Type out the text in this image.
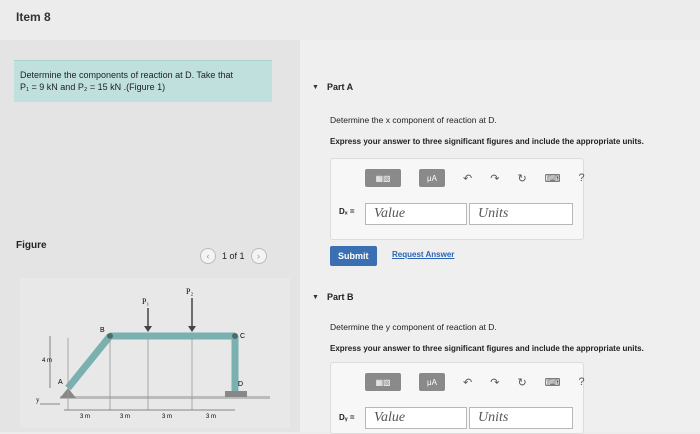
Item 8
Determine the components of reaction at D. Take that
P₁ = 9 kN and P₂ = 15 kN .(Figure 1)
Figure
‹	1 of 1	›
P₁
P₂
B
C
D
A
4 m
3 m	3 m	3 m	3 m
y
▼ Part A
Determine the x component of reaction at D.
Express your answer to three significant figures and include the appropriate units.
▦▧	μA	↶ ↷ ↻ ⌨ ?
Dₓ =	Value	Units
Submit	Request Answer
▼ Part B
Determine the y component of reaction at D.
Express your answer to three significant figures and include the appropriate units.
▦▧	μA	↶ ↷ ↻ ⌨ ?
Dᵧ =	Value	Units
